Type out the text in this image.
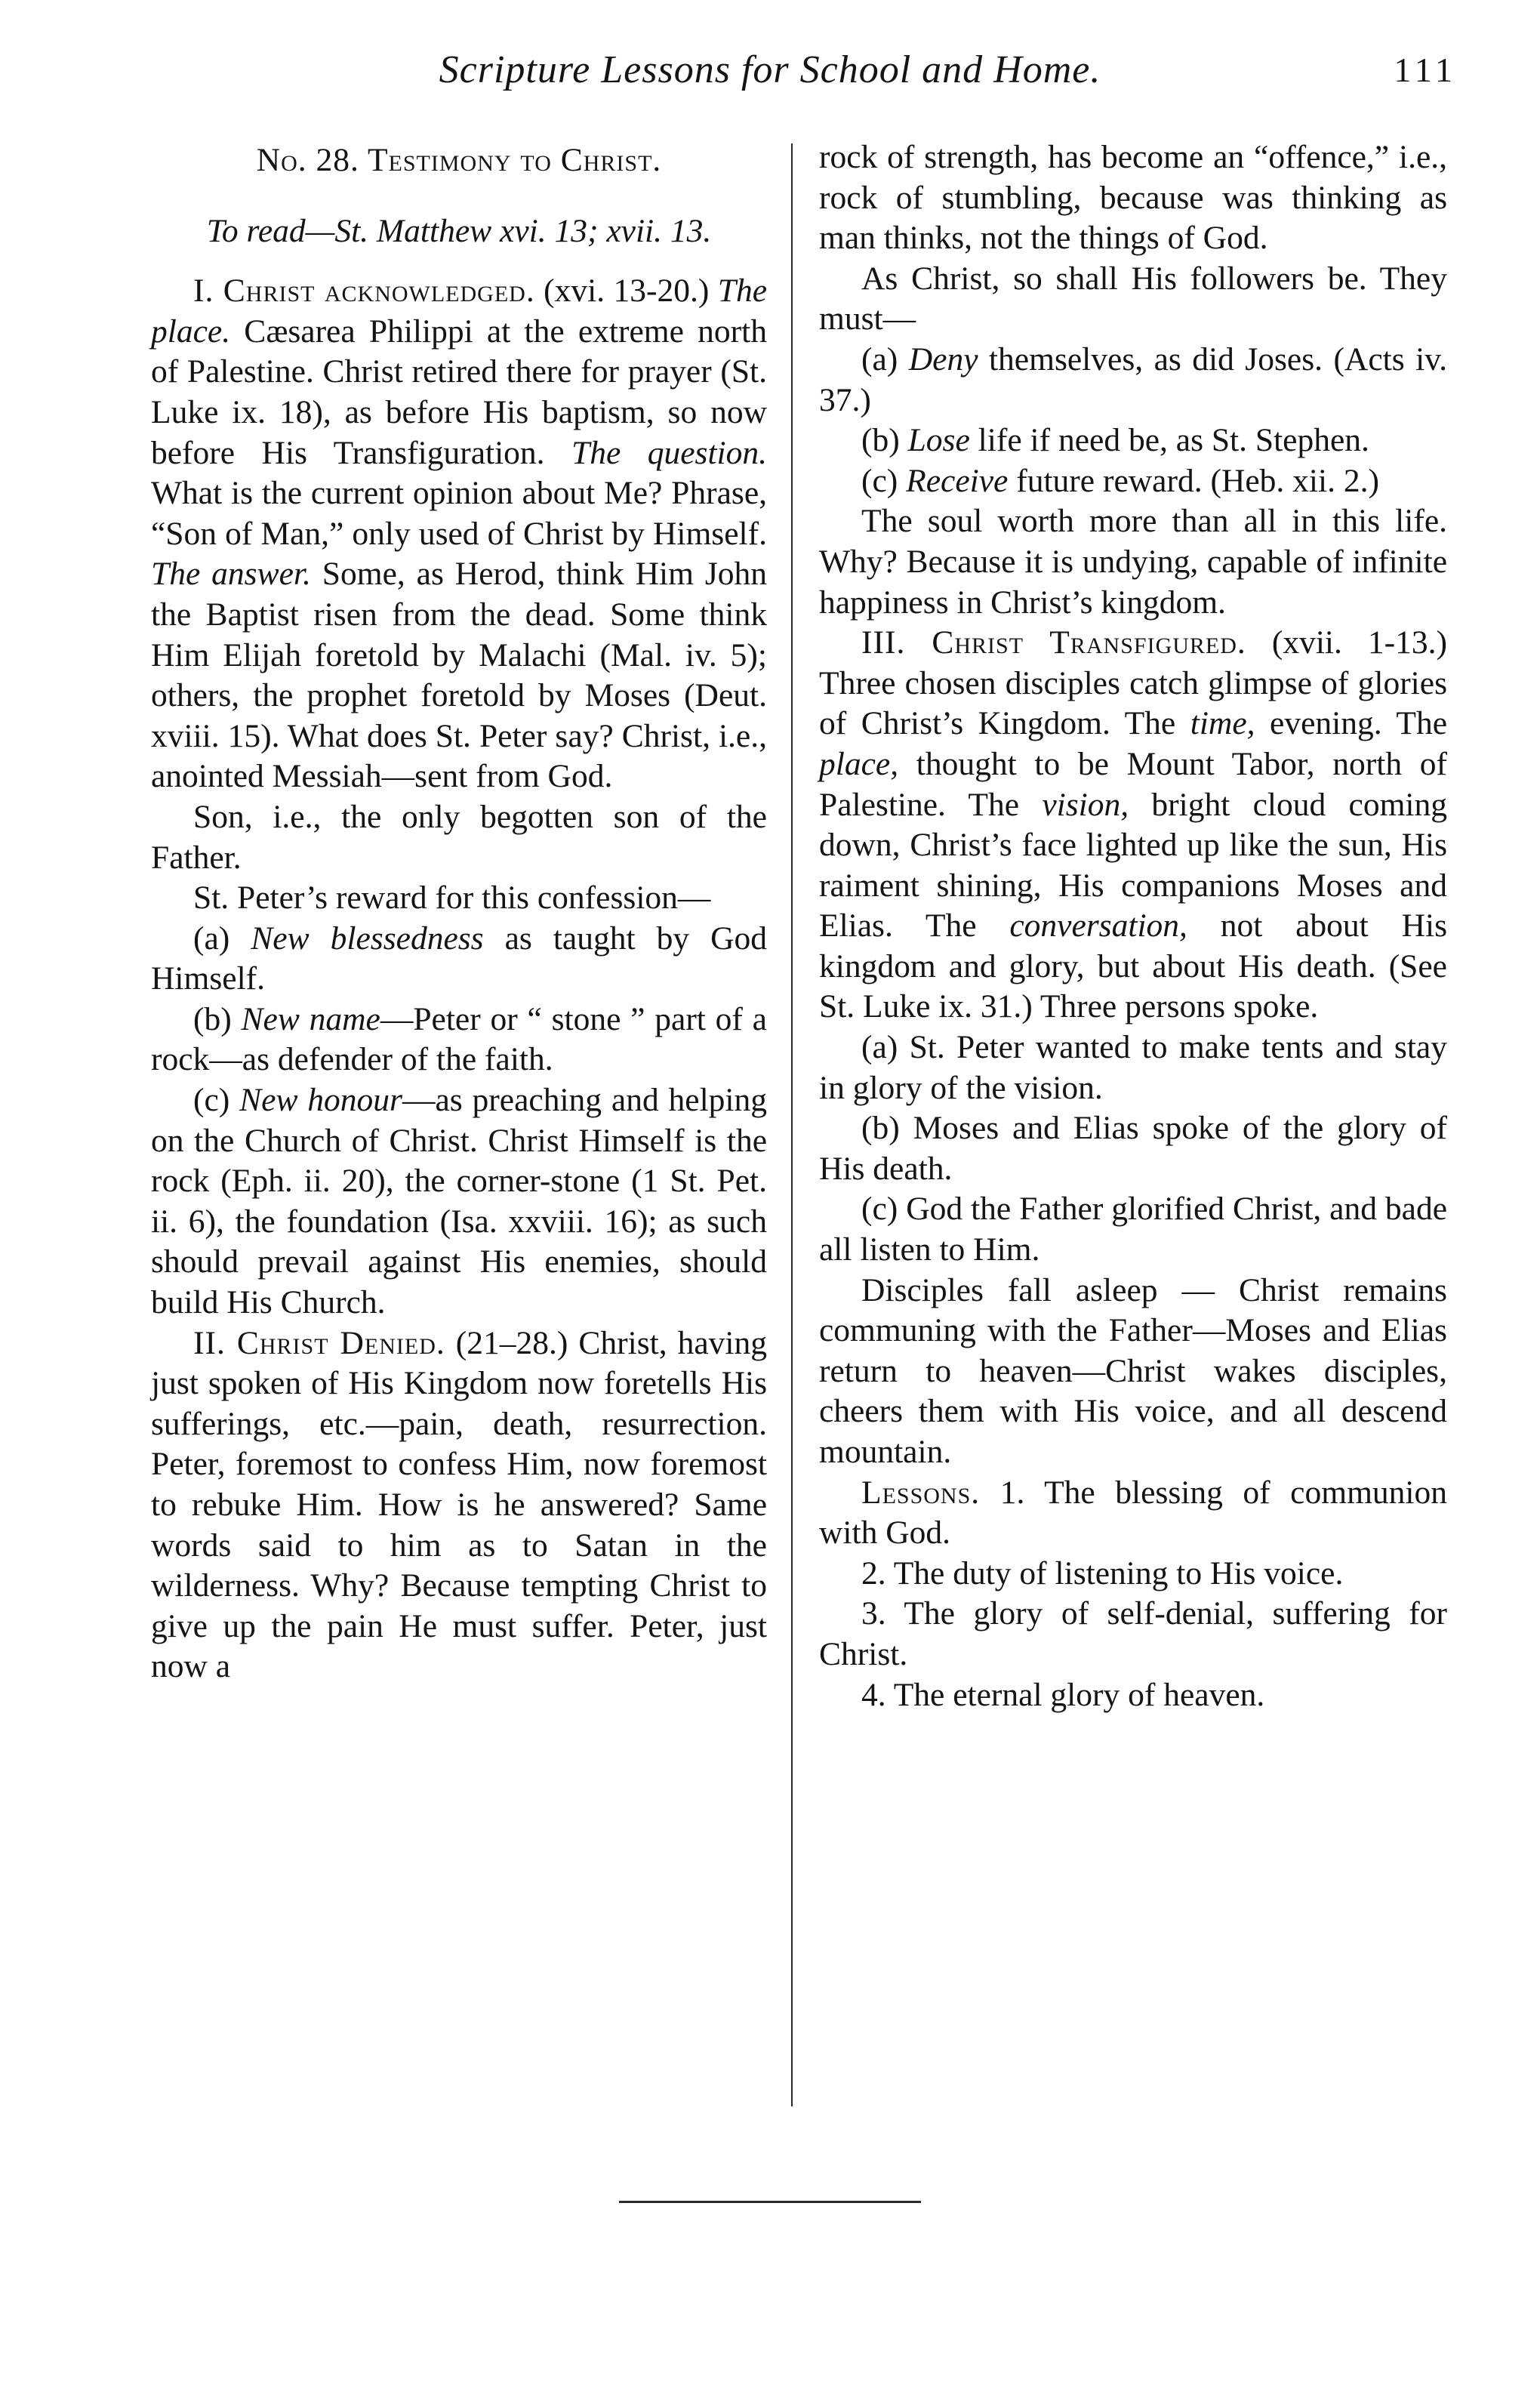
Scripture Lessons for School and Home.	111

No. 28. Testimony to Christ.

To read—St. Matthew xvi. 13; xvii. 13.

I. Christ acknowledged. (xvi. 13-20.) The place. Cæsarea Philippi at the extreme north of Palestine. Christ retired there for prayer (St. Luke ix. 18), as before His baptism, so now before His Transfiguration. The question. What is the current opinion about Me? Phrase, “Son of Man,” only used of Christ by Himself. The answer. Some, as Herod, think Him John the Baptist risen from the dead. Some think Him Elijah foretold by Malachi (Mal. iv. 5); others, the prophet foretold by Moses (Deut. xviii. 15). What does St. Peter say? Christ, i.e., anointed Messiah—sent from God.

Son, i.e., the only begotten son of the Father.

St. Peter’s reward for this confession—

(a) New blessedness as taught by God Himself.

(b) New name—Peter or “ stone ” part of a rock—as defender of the faith.

(c) New honour—as preaching and helping on the Church of Christ. Christ Himself is the rock (Eph. ii. 20), the corner-stone (1 St. Pet. ii. 6), the foundation (Isa. xxviii. 16); as such should prevail against His enemies, should build His Church.

II. Christ Denied. (21–28.) Christ, having just spoken of His Kingdom now foretells His sufferings, etc.—pain, death, resurrection. Peter, foremost to confess Him, now foremost to rebuke Him. How is he answered? Same words said to him as to Satan in the wilderness. Why? Because tempting Christ to give up the pain He must suffer. Peter, just now a

rock of strength, has become an “offence,” i.e., rock of stumbling, because was thinking as man thinks, not the things of God.

As Christ, so shall His followers be. They must—

(a) Deny themselves, as did Joses. (Acts iv. 37.)

(b) Lose life if need be, as St. Stephen.

(c) Receive future reward. (Heb. xii. 2.)

The soul worth more than all in this life. Why? Because it is undying, capable of infinite happiness in Christ’s kingdom.

III. Christ Transfigured. (xvii. 1-13.) Three chosen disciples catch glimpse of glories of Christ’s Kingdom. The time, evening. The place, thought to be Mount Tabor, north of Palestine. The vision, bright cloud coming down, Christ’s face lighted up like the sun, His raiment shining, His companions Moses and Elias. The conversation, not about His kingdom and glory, but about His death. (See St. Luke ix. 31.) Three persons spoke.

(a) St. Peter wanted to make tents and stay in glory of the vision.

(b) Moses and Elias spoke of the glory of His death.

(c) God the Father glorified Christ, and bade all listen to Him.

Disciples fall asleep — Christ remains communing with the Father—Moses and Elias return to heaven—Christ wakes disciples, cheers them with His voice, and all descend mountain.

Lessons. 1. The blessing of communion with God.

2. The duty of listening to His voice.

3. The glory of self-denial, suffering for Christ.

4. The eternal glory of heaven.
